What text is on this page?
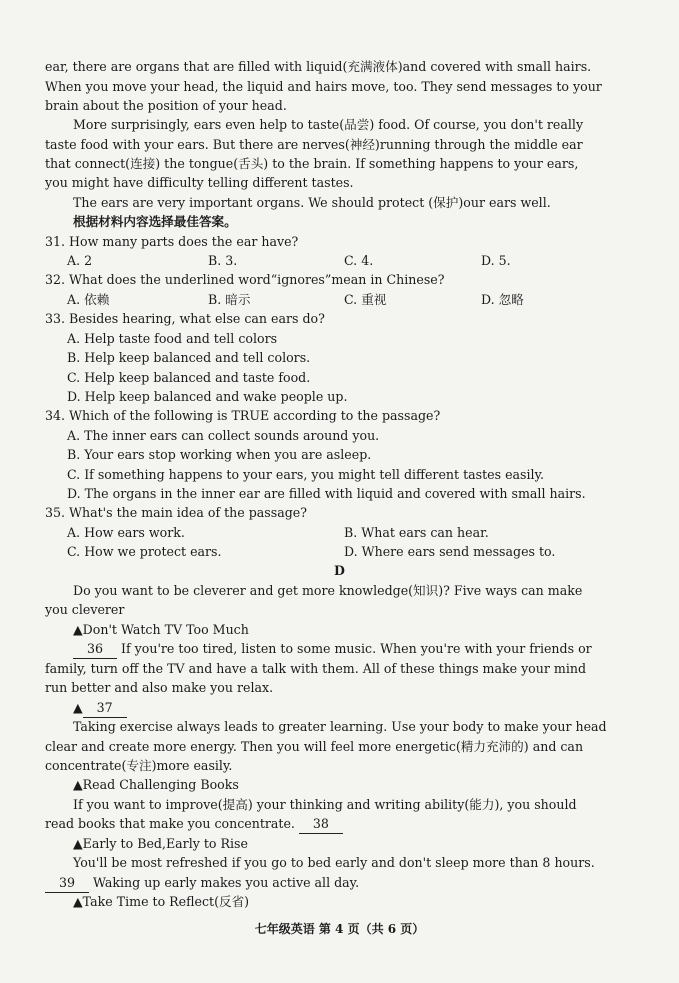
ear, there are organs that are filled with liquid(充满液体)and covered with small hairs.
When you move your head, the liquid and hairs move, too. They send messages to your
brain about the position of your head.
More surprisingly, ears even help to taste(品尝) food. Of course, you don't really
taste food with your ears. But there are nerves(神经)running through the middle ear
that connect(连接) the tongue(舌头) to the brain. If something happens to your ears,
you might have difficulty telling different tastes.
The ears are very important organs. We should protect (保护)our ears well.
根据材料内容选择最佳答案。
31. How many parts does the ear have?
A. 2	B. 3.	C. 4.	D. 5.
32. What does the underlined word“ignores”mean in Chinese?
A. 依赖	B. 暗示	C. 重视	D. 忽略
33. Besides hearing, what else can ears do?
A. Help taste food and tell colors
B. Help keep balanced and tell colors.
C. Help keep balanced and taste food.
D. Help keep balanced and wake people up.
34. Which of the following is TRUE according to the passage?
A. The inner ears can collect sounds around you.
B. Your ears stop working when you are asleep.
C. If something happens to your ears, you might tell different tastes easily.
D. The organs in the inner ear are filled with liquid and covered with small hairs.
35. What's the main idea of the passage?
A. How ears work.	B. What ears can hear.
C. How we protect ears.	D. Where ears send messages to.
D
Do you want to be cleverer and get more knowledge(知识)? Five ways can make
you cleverer
▲Don't Watch TV Too Much
36 If you're too tired, listen to some music. When you're with your friends or
family, turn off the TV and have a talk with them. All of these things make your mind
run better and also make you relax.
▲ 37
Taking exercise always leads to greater learning. Use your body to make your head
clear and create more energy. Then you will feel more energetic(精力充沛的) and can
concentrate(专注)more easily.
▲Read Challenging Books
If you want to improve(提高) your thinking and writing ability(能力), you should
read books that make you concentrate. 38
▲Early to Bed,Early to Rise
You'll be most refreshed if you go to bed early and don't sleep more than 8 hours.
39 Waking up early makes you active all day.
▲Take Time to Reflect(反省)
七年级英语 第 4 页（共 6 页）
